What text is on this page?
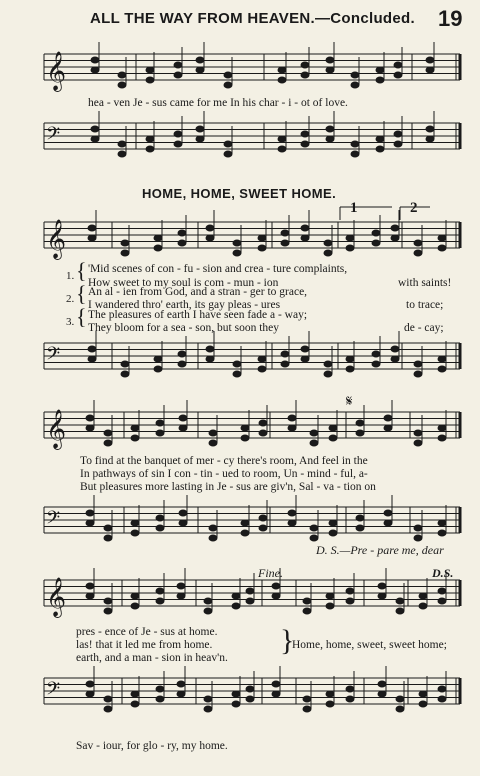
ALL THE WAY FROM HEAVEN.—Concluded. 19
𝄞
𝄢
𝄞
𝄢
𝄞
𝄢
𝄞
𝄢
1	2
hea - ven Je - sus came for me In his char - i - ot of love.
HOME, HOME, SWEET HOME.
1. { 'Mid scenes of con - fu - sion and crea - ture complaints,
How sweet to my soul is com - mun - ion	with saints!
2. { An al - ien from God, and a stran - ger to grace,
I wandered thro' earth, its gay pleas - ures	to trace;
3. { The pleasures of earth I have seen fade a - way;
They bloom for a sea - son, but soon they	de - cay;
𝄋
To find at the banquet of mer - cy there's room, And feel in the
In pathways of sin I con - tin - ued to room, Un - mind - ful, a-
But pleasures more lasting in Je - sus are giv'n, Sal - va - tion on
D. S.—Pre - pare me, dear
Fine.	D.S.
pres - ence of Je - sus at home.
las! that it led me from home.
earth, and a man - sion in heav'n.
{
Home, home, sweet, sweet home;
Sav - iour, for glo - ry, my home.
